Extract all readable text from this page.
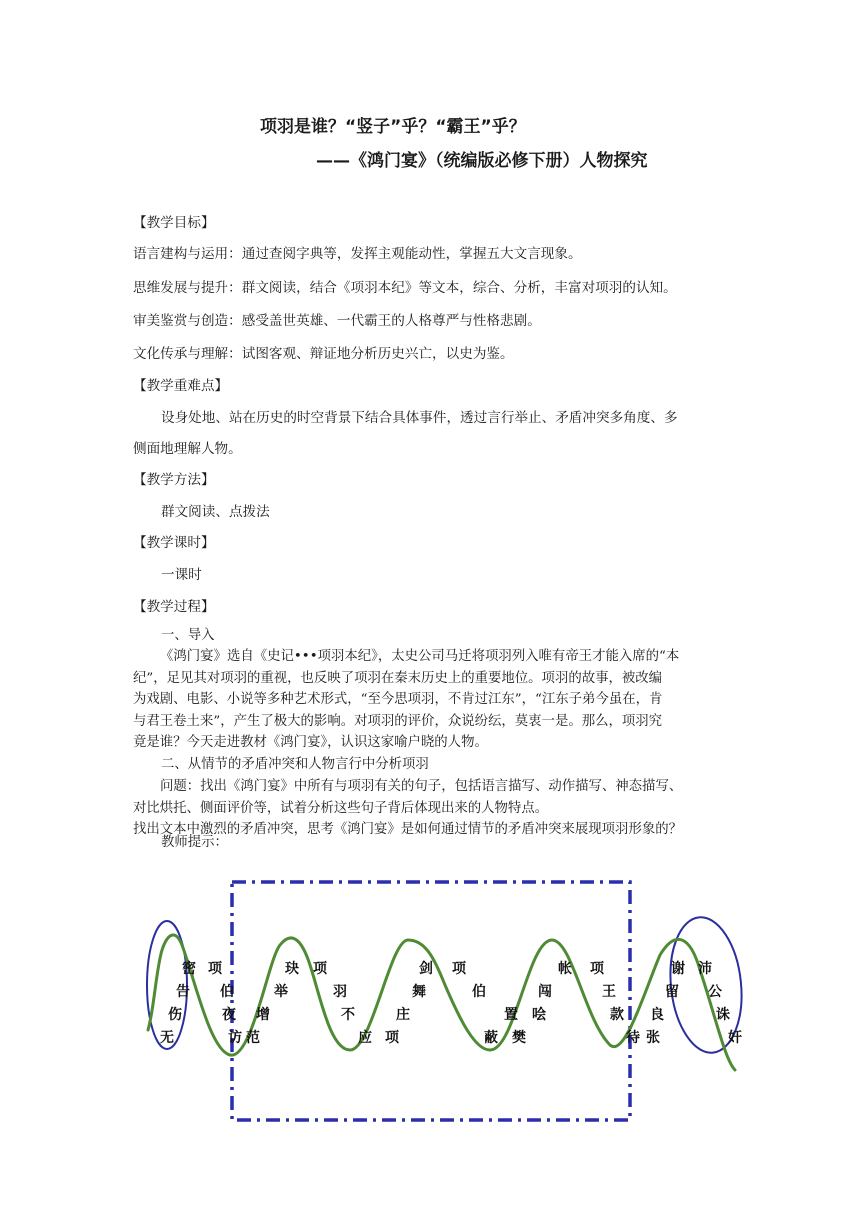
项羽是谁？“竖子”乎？“霸王”乎？
——《鸿门宴》（统编版必修下册）人物探究
【教学目标】
语言建构与运用：通过查阅字典等，发挥主观能动性，掌握五大文言现象。
思维发展与提升：群文阅读，结合《项羽本纪》等文本，综合、分析，丰富对项羽的认知。
审美鉴赏与创造：感受盖世英雄、一代霸王的人格尊严与性格悲剧。
文化传承与理解：试图客观、辩证地分析历史兴亡，以史为鉴。
【教学重难点】
设身处地、站在历史的时空背景下结合具体事件，透过言行举止、矛盾冲突多角度、多
侧面地理解人物。
【教学方法】
群文阅读、点拨法
【教学课时】
一课时
【教学过程】
一、导入
《鸿门宴》选自《史记•••项羽本纪》，太史公司马迁将项羽列入唯有帝王才能入席的“本
纪”，足见其对项羽的重视，也反映了项羽在秦末历史上的重要地位。项羽的故事，被改编
为戏剧、电影、小说等多种艺术形式，“至今思项羽，不肯过江东”，“江东子弟今虽在，肯
与君王卷土来”，产生了极大的影响。对项羽的评价，众说纷纭，莫衷一是。那么，项羽究
竟是谁？今天走进教材《鸿门宴》，认识这家喻户晓的人物。
二、从情节的矛盾冲突和人物言行中分析项羽
问题：找出《鸿门宴》中所有与项羽有关的句子，包括语言描写、动作描写、神态描写、
对比烘托、侧面评价等，试着分析这些句子背后体现出来的人物特点。
找出文本中激烈的矛盾冲突，思考《鸿门宴》是如何通过情节的矛盾冲突来展现项羽形象的？
教师提示：
密 项
告 伯
伤	夜
无	访 范
增
举
玦 项
羽
不
应 项
剑 项
舞
庄
伯
蔽 樊
帐 项
闯
哙
置
王
款
待 张
良
谢 沛
留 公
诛
奸
